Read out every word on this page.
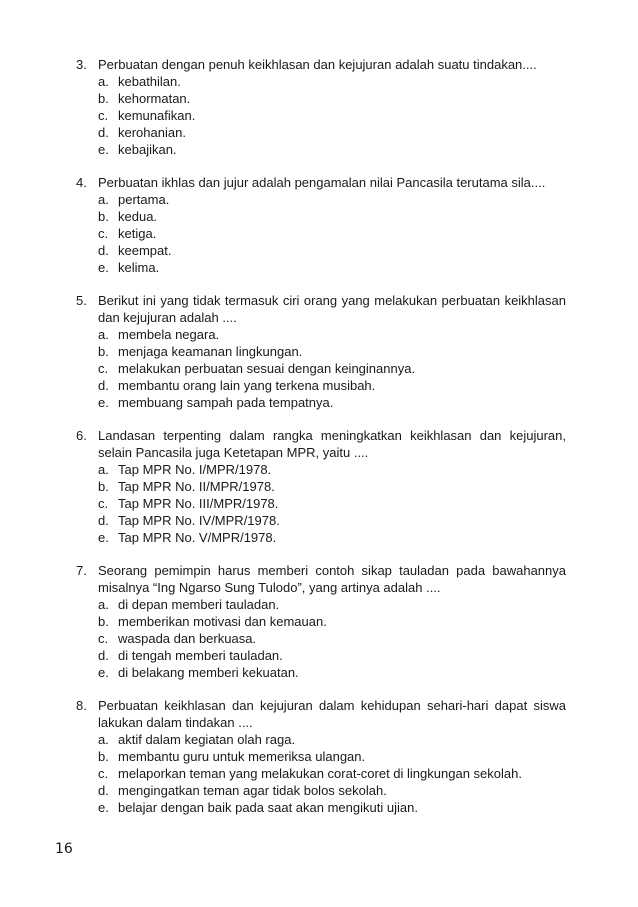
3. Perbuatan dengan penuh keikhlasan dan kejujuran adalah suatu tindakan....
a. kebathilan.
b. kehormatan.
c. kemunafikan.
d. kerohanian.
e. kebajikan.
4. Perbuatan ikhlas dan jujur adalah pengamalan nilai Pancasila terutama sila....
a. pertama.
b. kedua.
c. ketiga.
d. keempat.
e. kelima.
5. Berikut ini yang tidak termasuk ciri orang yang melakukan perbuatan keikhlasan dan kejujuran adalah ....
a. membela negara.
b. menjaga keamanan lingkungan.
c. melakukan perbuatan sesuai dengan keinginannya.
d. membantu orang lain yang terkena musibah.
e. membuang sampah pada tempatnya.
6. Landasan terpenting dalam rangka meningkatkan keikhlasan dan kejujuran, selain Pancasila juga Ketetapan MPR, yaitu ....
a. Tap MPR No. I/MPR/1978.
b. Tap MPR No. II/MPR/1978.
c. Tap MPR No. III/MPR/1978.
d. Tap MPR No. IV/MPR/1978.
e. Tap MPR No. V/MPR/1978.
7. Seorang pemimpin harus memberi contoh sikap tauladan pada bawahannya misalnya “Ing Ngarso Sung Tulodo”, yang artinya adalah ....
a. di depan memberi tauladan.
b. memberikan motivasi dan kemauan.
c. waspada dan berkuasa.
d. di tengah memberi tauladan.
e. di belakang memberi kekuatan.
8. Perbuatan keikhlasan dan kejujuran dalam kehidupan sehari-hari dapat siswa lakukan dalam tindakan ....
a. aktif dalam kegiatan olah raga.
b. membantu guru untuk memeriksa ulangan.
c. melaporkan teman yang melakukan corat-coret di lingkungan sekolah.
d. mengingatkan teman agar tidak bolos sekolah.
e. belajar dengan baik pada saat akan mengikuti ujian.
16
